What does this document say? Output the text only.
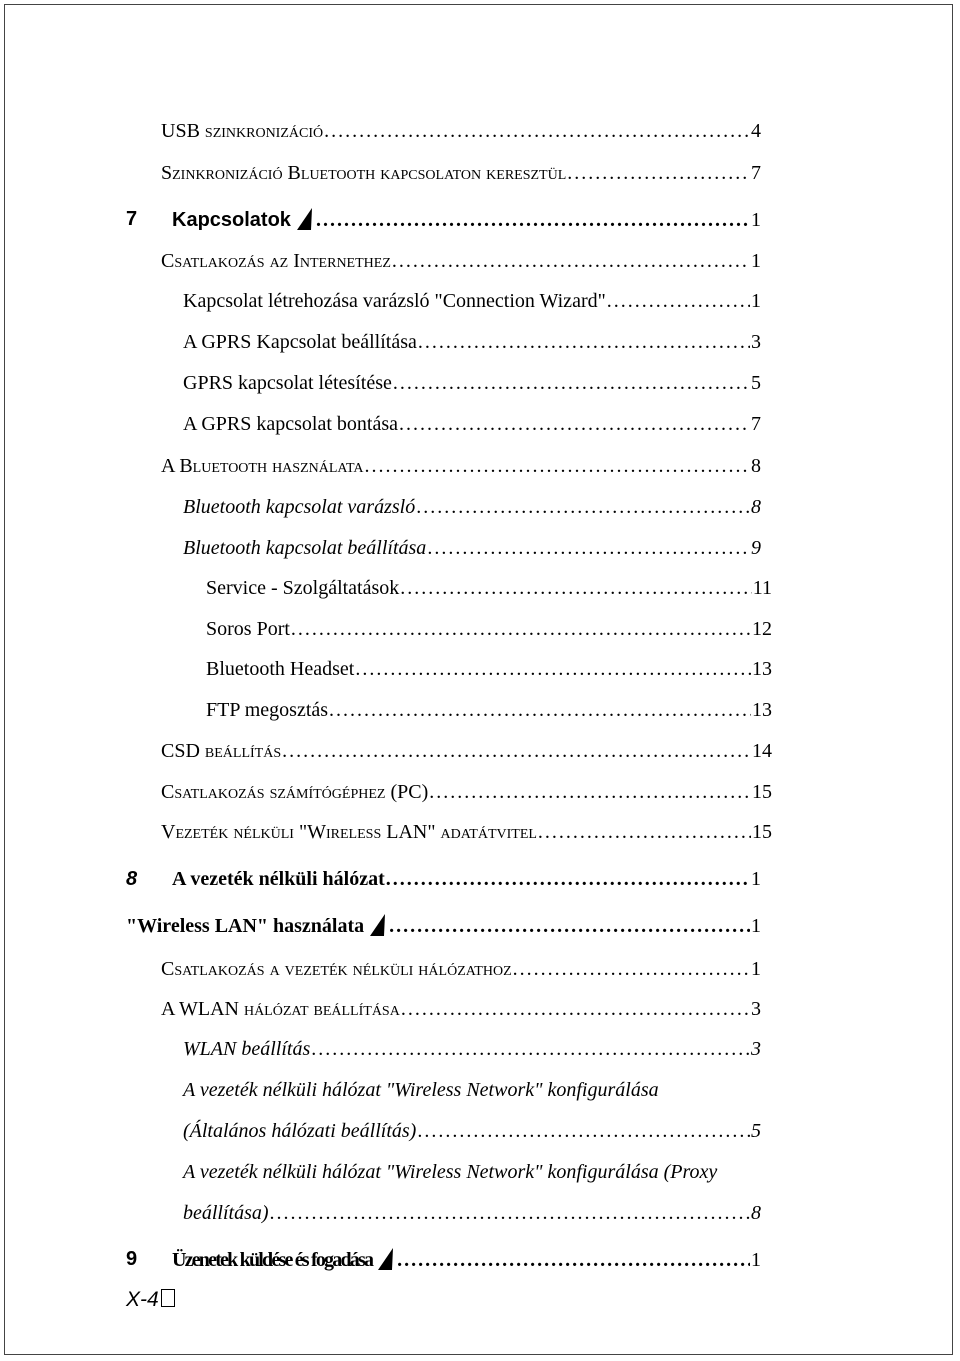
USB szinkronizáció . . .	4
Szinkronizáció Bluetooth kapcsolaton keresztül . . .	7
7 Kapcsolatok . . .	1
Csatlakozás az Internethez . . .	1
Kapcsolat létrehozása varázsló "Connection Wizard" . . .	1
A GPRS Kapcsolat beállítása . . .	3
GPRS kapcsolat létesítése . . .	5
A GPRS kapcsolat bontása . . .	7
A Bluetooth használata . . .	8
Bluetooth kapcsolat varázsló . . .	8
Bluetooth kapcsolat beállítása . . .	9
Service - Szolgáltatások . . .	11
Soros Port . . .	12
Bluetooth Headset . . .	13
FTP megosztás . . .	13
CSD beállítás . . .	14
Csatlakozás számítógéphez (PC) . . .	15
Vezeték nélküli "Wireless LAN" adatátvitel . . .	15
8 A vezeték nélküli hálózat . . .	1
"Wireless LAN" használata . . .	1
Csatlakozás a vezeték nélküli hálózathoz . . .	1
A WLAN hálózat beállítása . . .	3
WLAN beállítás . . .	3
A vezeték nélküli hálózat "Wireless Network" konfigurálása
(Általános hálózati beállítás) . . .	5
A vezeték nélküli hálózat "Wireless Network" konfigurálása (Proxy
beállítása) . . .	8
9 Üzenetek küldése és fogadása . . .	1
X-4
